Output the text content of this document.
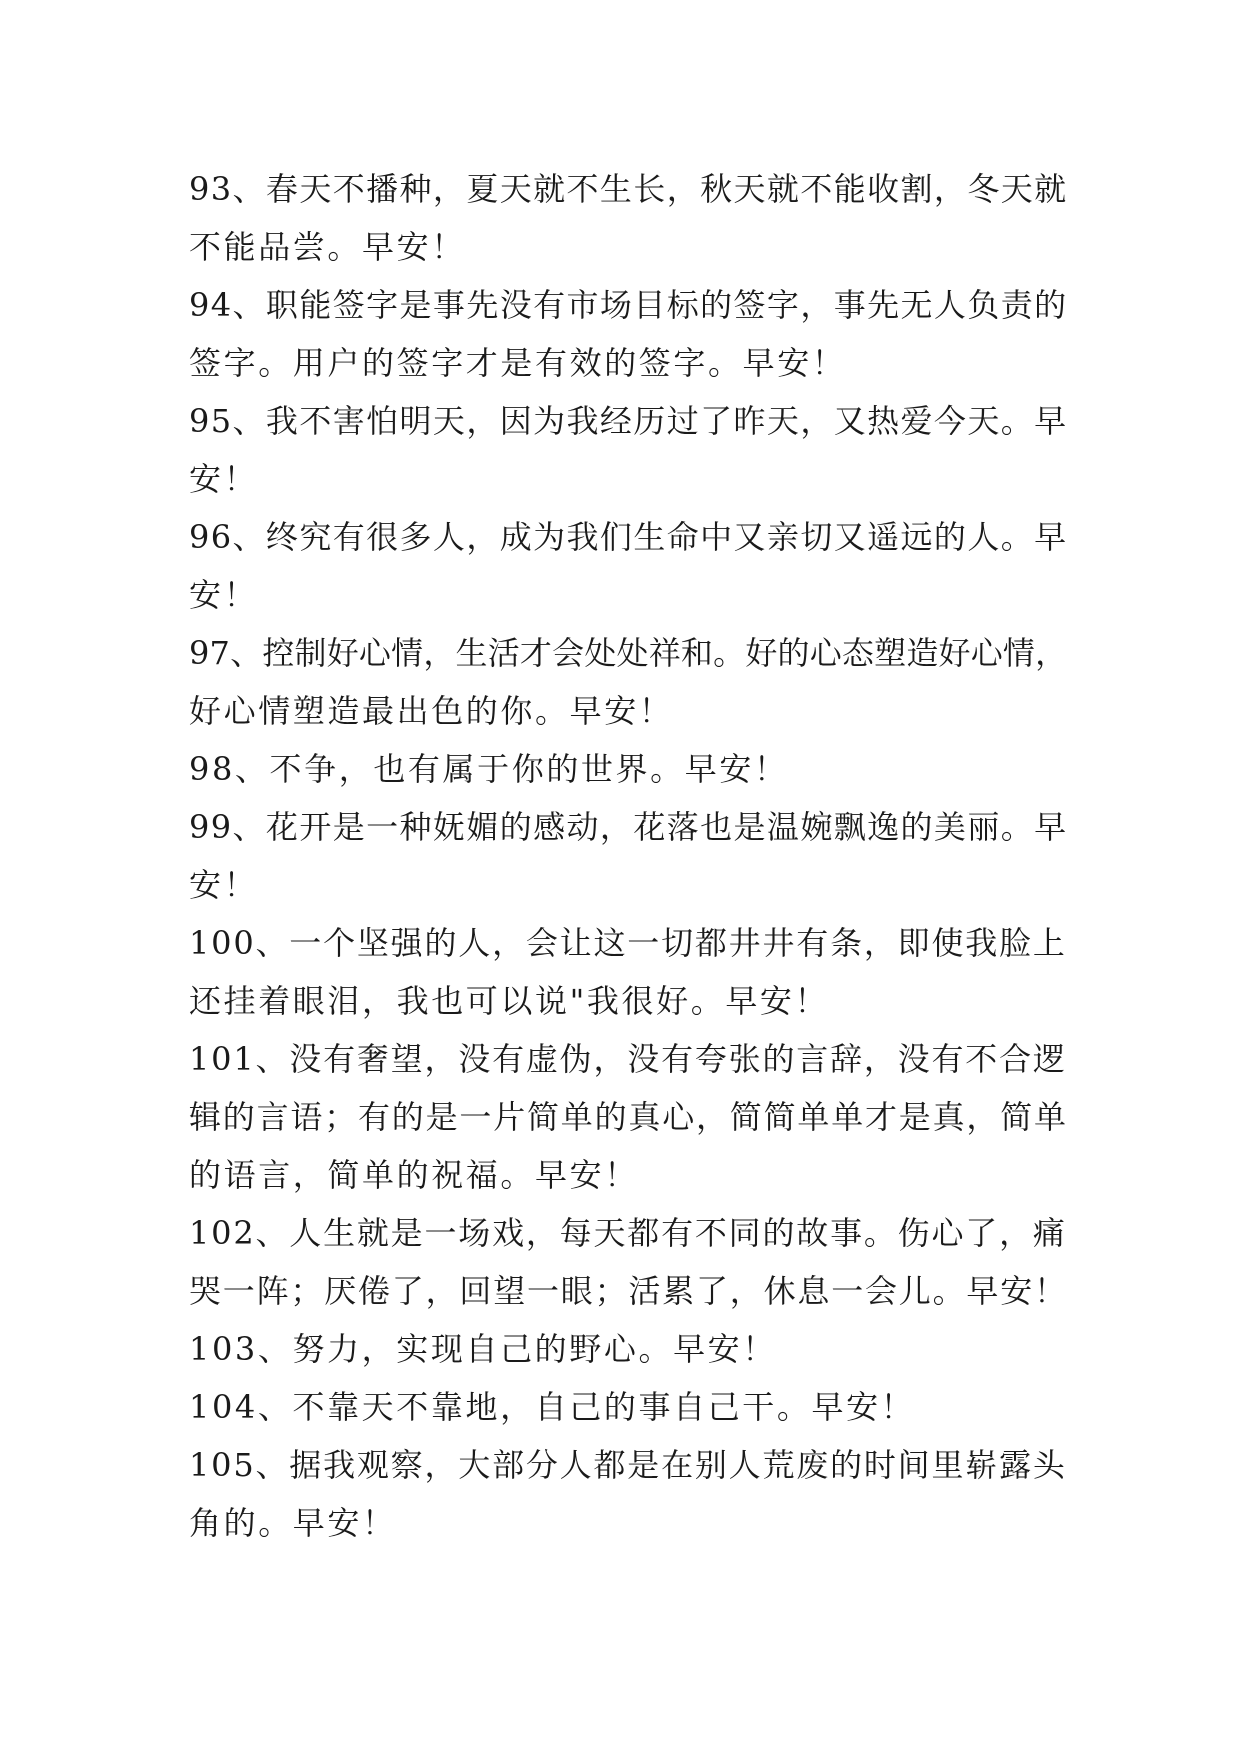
93、春天不播种，夏天就不生长，秋天就不能收割，冬天就
不能品尝。早安！
94、职能签字是事先没有市场目标的签字，事先无人负责的
签字。用户的签字才是有效的签字。早安！
95、我不害怕明天，因为我经历过了昨天，又热爱今天。早
安！
96、终究有很多人，成为我们生命中又亲切又遥远的人。早
安！
97、控制好心情，生活才会处处祥和。好的心态塑造好心情，
好心情塑造最出色的你。早安！
98、不争，也有属于你的世界。早安！
99、花开是一种妩媚的感动，花落也是温婉飘逸的美丽。早
安！
100、一个坚强的人，会让这一切都井井有条，即使我脸上
还挂着眼泪，我也可以说"我很好。早安！
101、没有奢望，没有虚伪，没有夸张的言辞，没有不合逻
辑的言语；有的是一片简单的真心，简简单单才是真，简单
的语言，简单的祝福。早安！
102、人生就是一场戏，每天都有不同的故事。伤心了，痛
哭一阵；厌倦了，回望一眼；活累了，休息一会儿。早安！
103、努力，实现自己的野心。早安！
104、不靠天不靠地，自己的事自己干。早安！
105、据我观察，大部分人都是在别人荒废的时间里崭露头
角的。早安！
